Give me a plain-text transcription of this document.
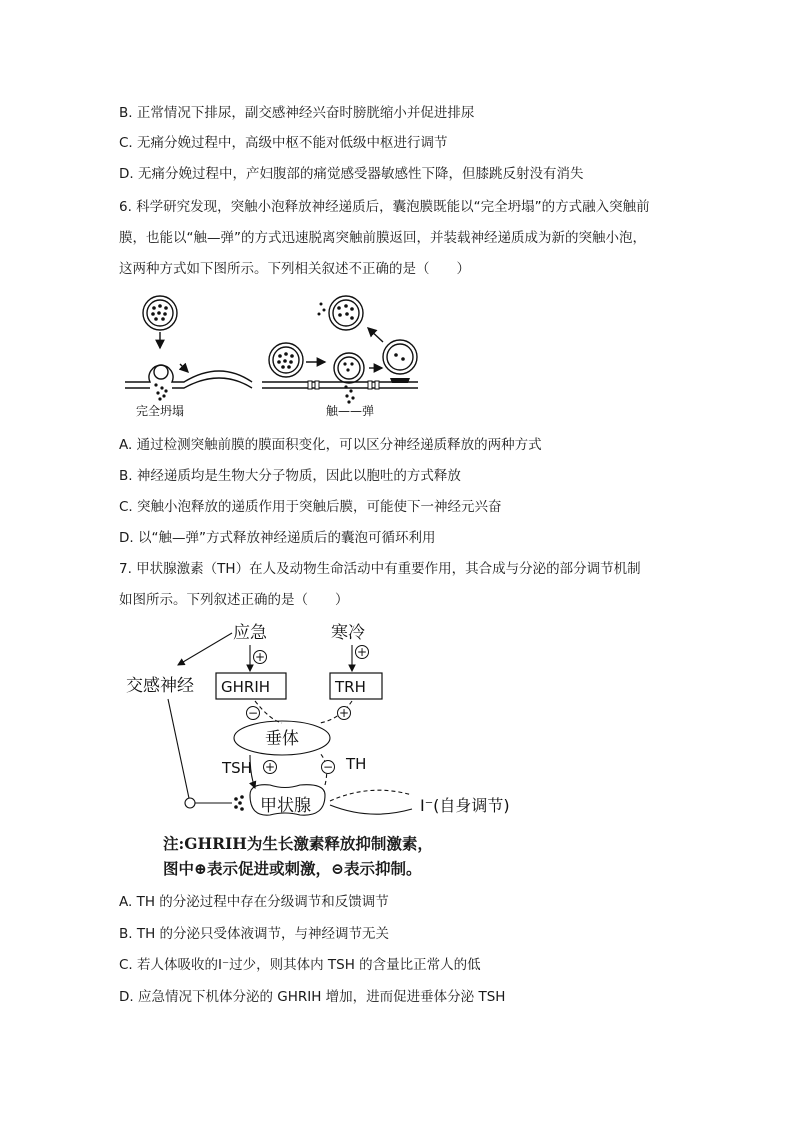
B. 正常情况下排尿，副交感神经兴奋时膀胱缩小并促进排尿
C. 无痛分娩过程中，高级中枢不能对低级中枢进行调节
D. 无痛分娩过程中，产妇腹部的痛觉感受器敏感性下降，但膝跳反射没有消失
6. 科学研究发现，突触小泡释放神经递质后，囊泡膜既能以“完全坍塌”的方式融入突触前
膜，也能以“触—弹”的方式迅速脱离突触前膜返回，并装载神经递质成为新的突触小泡，
这两种方式如下图所示。下列相关叙述不正确的是（　　）
完全坍塌	触——弹
A. 通过检测突触前膜的膜面积变化，可以区分神经递质释放的两种方式
B. 神经递质均是生物大分子物质，因此以胞吐的方式释放
C. 突触小泡释放的递质作用于突触后膜，可能使下一神经元兴奋
D. 以“触—弹”方式释放神经递质后的囊泡可循环利用
7. 甲状腺激素（TH）在人及动物生命活动中有重要作用，其合成与分泌的部分调节机制
如图所示。下列叙述正确的是（　　）
应急	寒冷
交感神经
垂体
TSH	TH
甲状腺	I⁻(自身调节)
GHRIH	TRH
+	+
−	+
+	−
注:GHRIH为生长激素释放抑制激素，
图中⊕表示促进或刺激，⊝表示抑制。
A. TH 的分泌过程中存在分级调节和反馈调节
B. TH 的分泌只受体液调节，与神经调节无关
C. 若人体吸收的I⁻过少，则其体内 TSH 的含量比正常人的低
D. 应急情况下机体分泌的 GHRIH 增加，进而促进垂体分泌 TSH
